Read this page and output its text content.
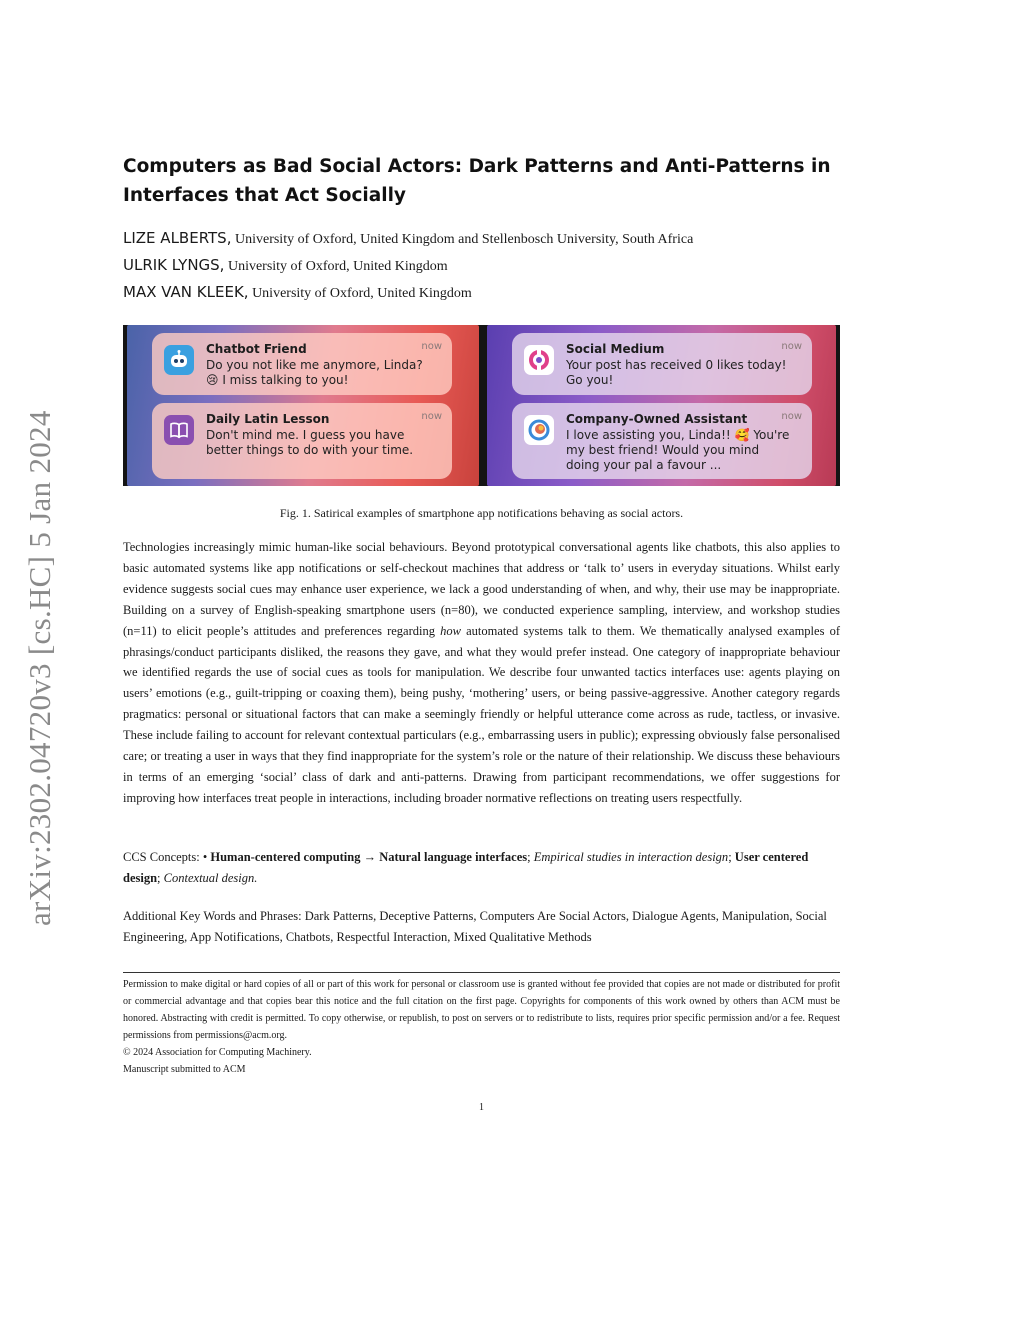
arXiv:2302.04720v3 [cs.HC] 5 Jan 2024
Computers as Bad Social Actors: Dark Patterns and Anti-Patterns in Interfaces that Act Socially
LIZE ALBERTS, University of Oxford, United Kingdom and Stellenbosch University, South Africa
ULRIK LYNGS, University of Oxford, United Kingdom
MAX VAN KLEEK, University of Oxford, United Kingdom
Chatbot Friend	now
Do you not like me anymore, Linda? 😢 I miss talking to you!
Daily Latin Lesson	now
Don't mind me. I guess you have better things to do with your time.
Social Medium	now
Your post has received 0 likes today! Go you!
Company-Owned Assistant	now
I love assisting you, Linda!! 🥰 You're my best friend! Would you mind doing your pal a favour ...

Fig. 1. Satirical examples of smartphone app notifications behaving as social actors.

Technologies increasingly mimic human-like social behaviours. Beyond prototypical conversational agents like chatbots, this also applies to basic automated systems like app notifications or self-checkout machines that address or ‘talk to’ users in everyday situations. Whilst early evidence suggests social cues may enhance user experience, we lack a good understanding of when, and why, their use may be inappropriate. Building on a survey of English-speaking smartphone users (n=80), we conducted experience sampling, interview, and workshop studies (n=11) to elicit people’s attitudes and preferences regarding how automated systems talk to them. We thematically analysed examples of phrasings/conduct participants disliked, the reasons they gave, and what they would prefer instead. One category of inappropriate behaviour we identified regards the use of social cues as tools for manipulation. We describe four unwanted tactics interfaces use: agents playing on users’ emotions (e.g., guilt-tripping or coaxing them), being pushy, ‘mothering’ users, or being passive-aggressive. Another category regards pragmatics: personal or situational factors that can make a seemingly friendly or helpful utterance come across as rude, tactless, or invasive. These include failing to account for relevant contextual particulars (e.g., embarrassing users in public); expressing obviously false personalised care; or treating a user in ways that they find inappropriate for the system’s role or the nature of their relationship. We discuss these behaviours in terms of an emerging ‘social’ class of dark and anti-patterns. Drawing from participant recommendations, we offer suggestions for improving how interfaces treat people in interactions, including broader normative reflections on treating users respectfully.

CCS Concepts: • Human-centered computing → Natural language interfaces; Empirical studies in interaction design; User centered design; Contextual design.

Additional Key Words and Phrases: Dark Patterns, Deceptive Patterns, Computers Are Social Actors, Dialogue Agents, Manipulation, Social Engineering, App Notifications, Chatbots, Respectful Interaction, Mixed Qualitative Methods

Permission to make digital or hard copies of all or part of this work for personal or classroom use is granted without fee provided that copies are not made or distributed for profit or commercial advantage and that copies bear this notice and the full citation on the first page. Copyrights for components of this work owned by others than ACM must be honored. Abstracting with credit is permitted. To copy otherwise, or republish, to post on servers or to redistribute to lists, requires prior specific permission and/or a fee. Request permissions from permissions@acm.org.

© 2024 Association for Computing Machinery.
Manuscript submitted to ACM
1
